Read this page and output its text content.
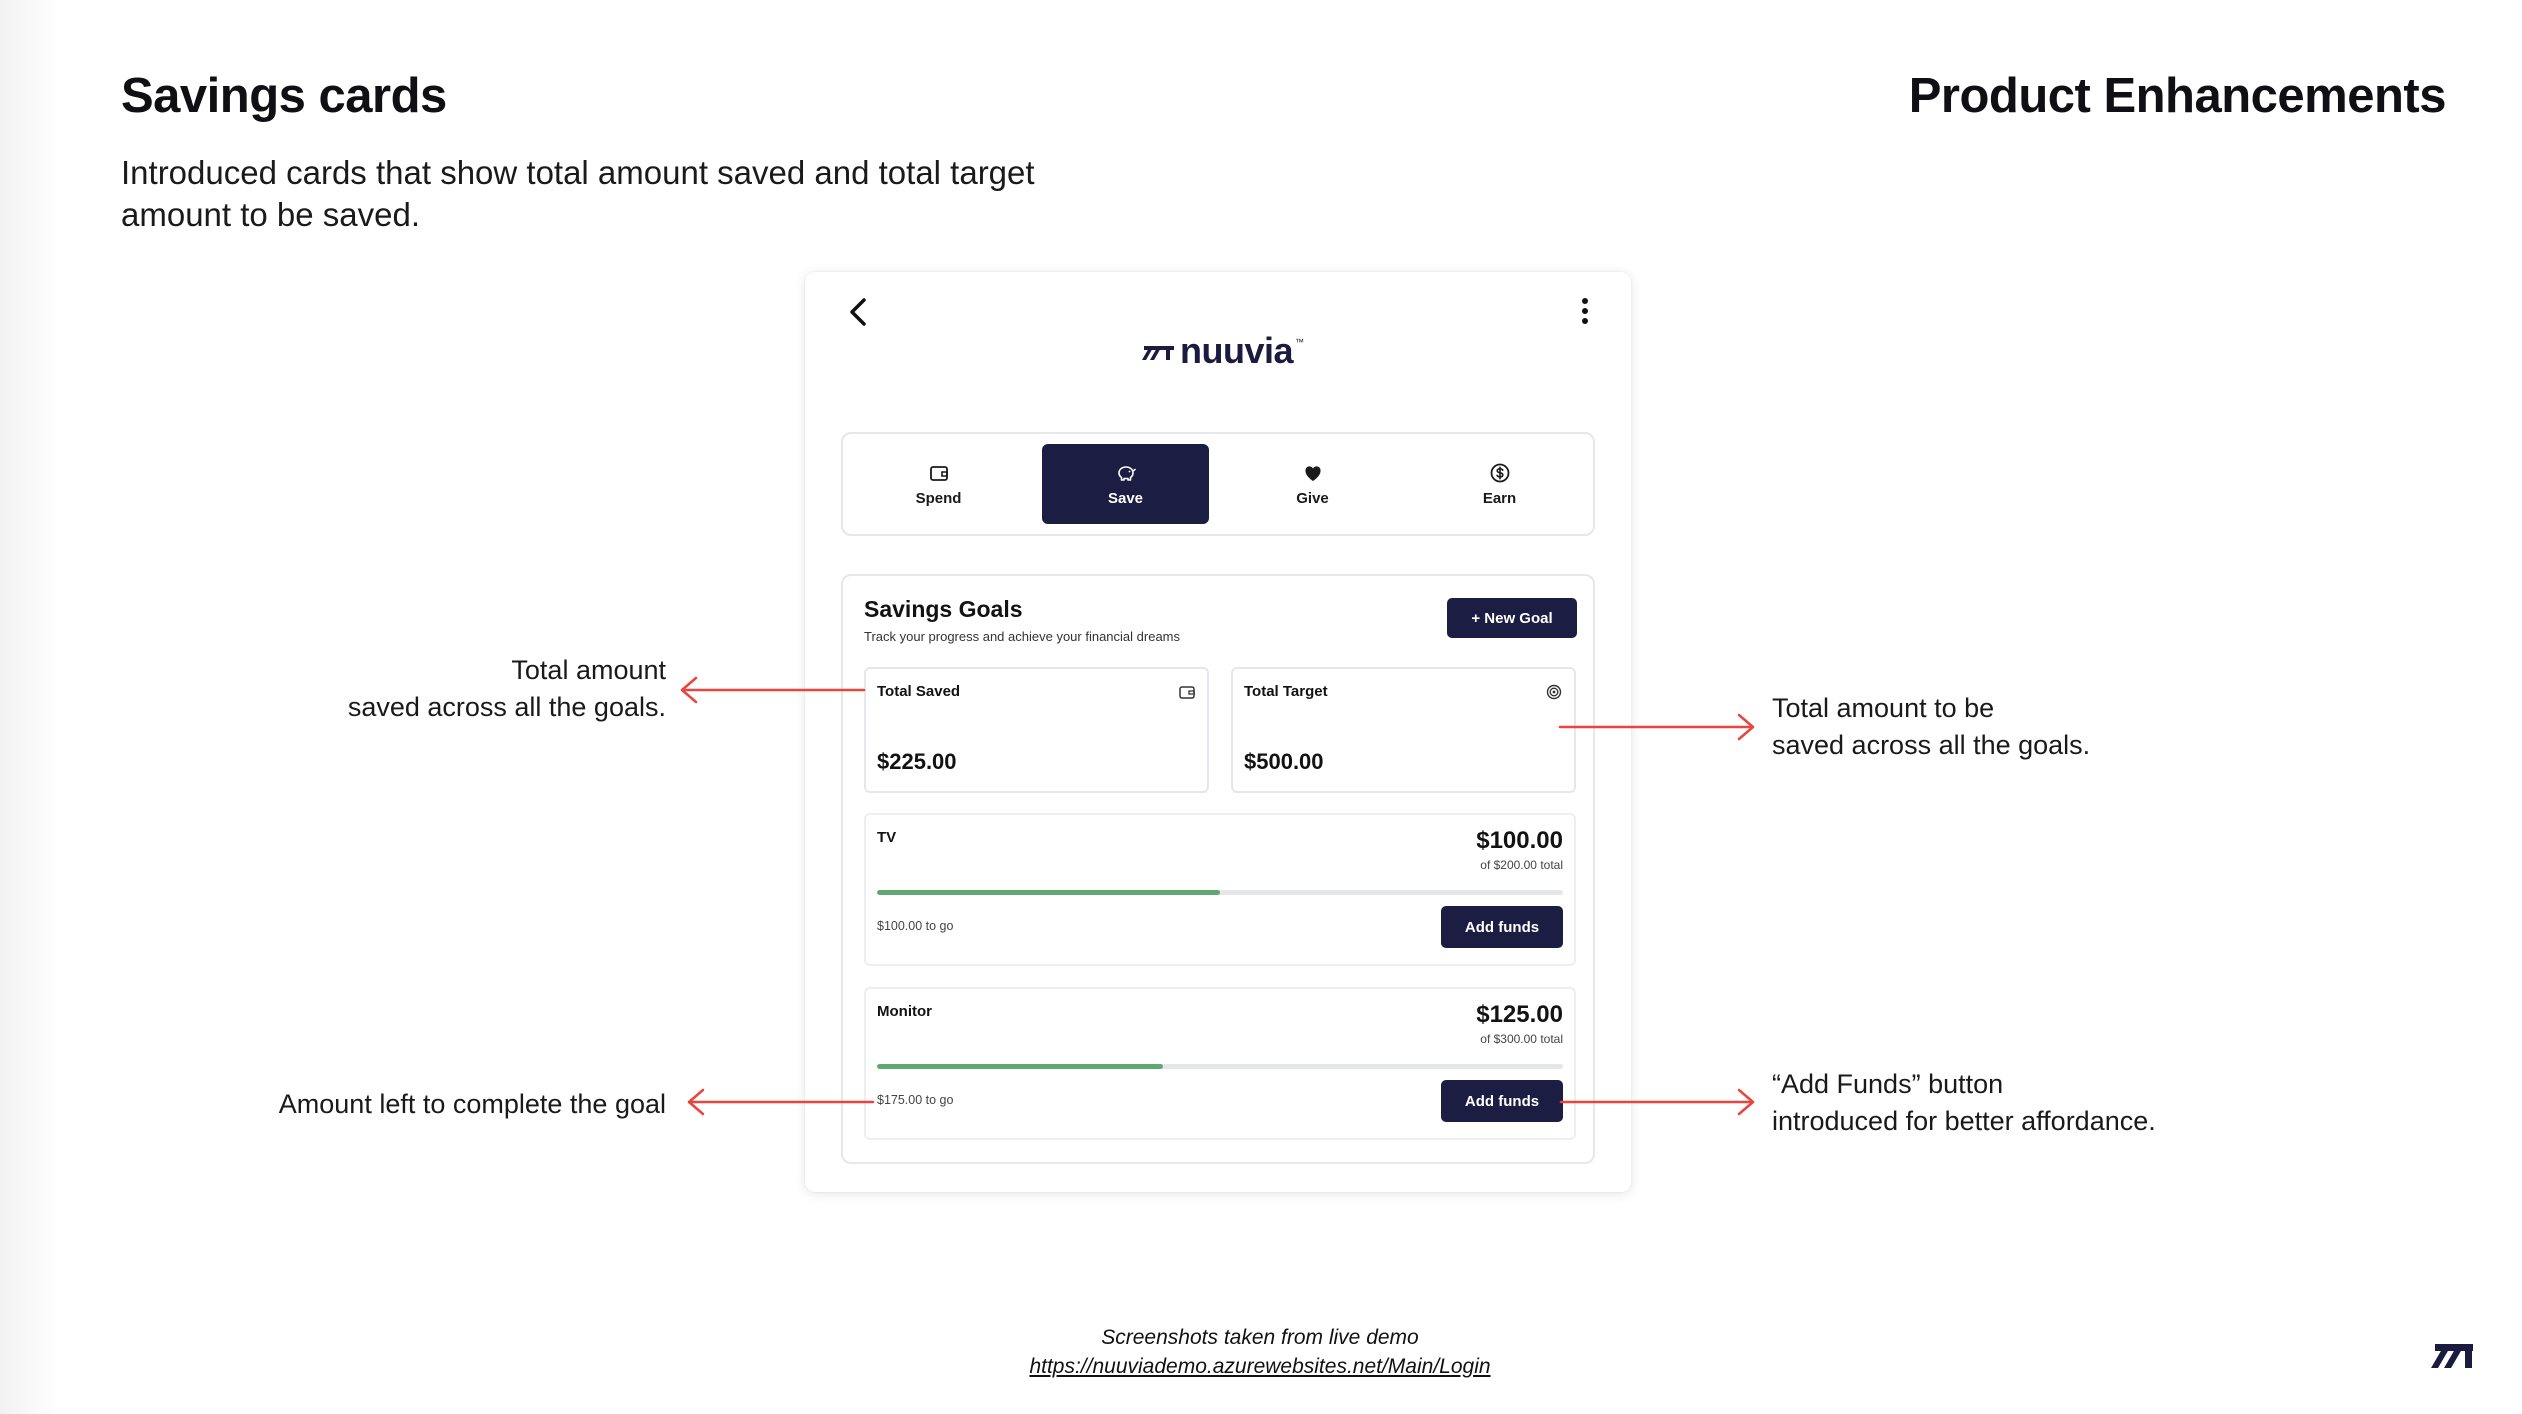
Savings cards	Product Enhancements
Introduced cards that show total amount saved and total target amount to be saved.
Total amount
saved across all the goals.	Total amount to be
saved across all the goals.
Amount left to complete the goal
“Add Funds” button
introduced for better affordance.
nuuvia ™
Spend	Save	Give	Earn
Savings Goals
Track your progress and achieve your financial dreams
+ New Goal
Total Saved
$225.00
Total Target
$500.00
TV	$100.00
of $200.00 total
$100.00 to go	Add funds
Monitor	$125.00
of $300.00 total
$175.00 to go	Add funds
Screenshots taken from live demo
https://nuuviademo.azurewebsites.net/Main/Login
